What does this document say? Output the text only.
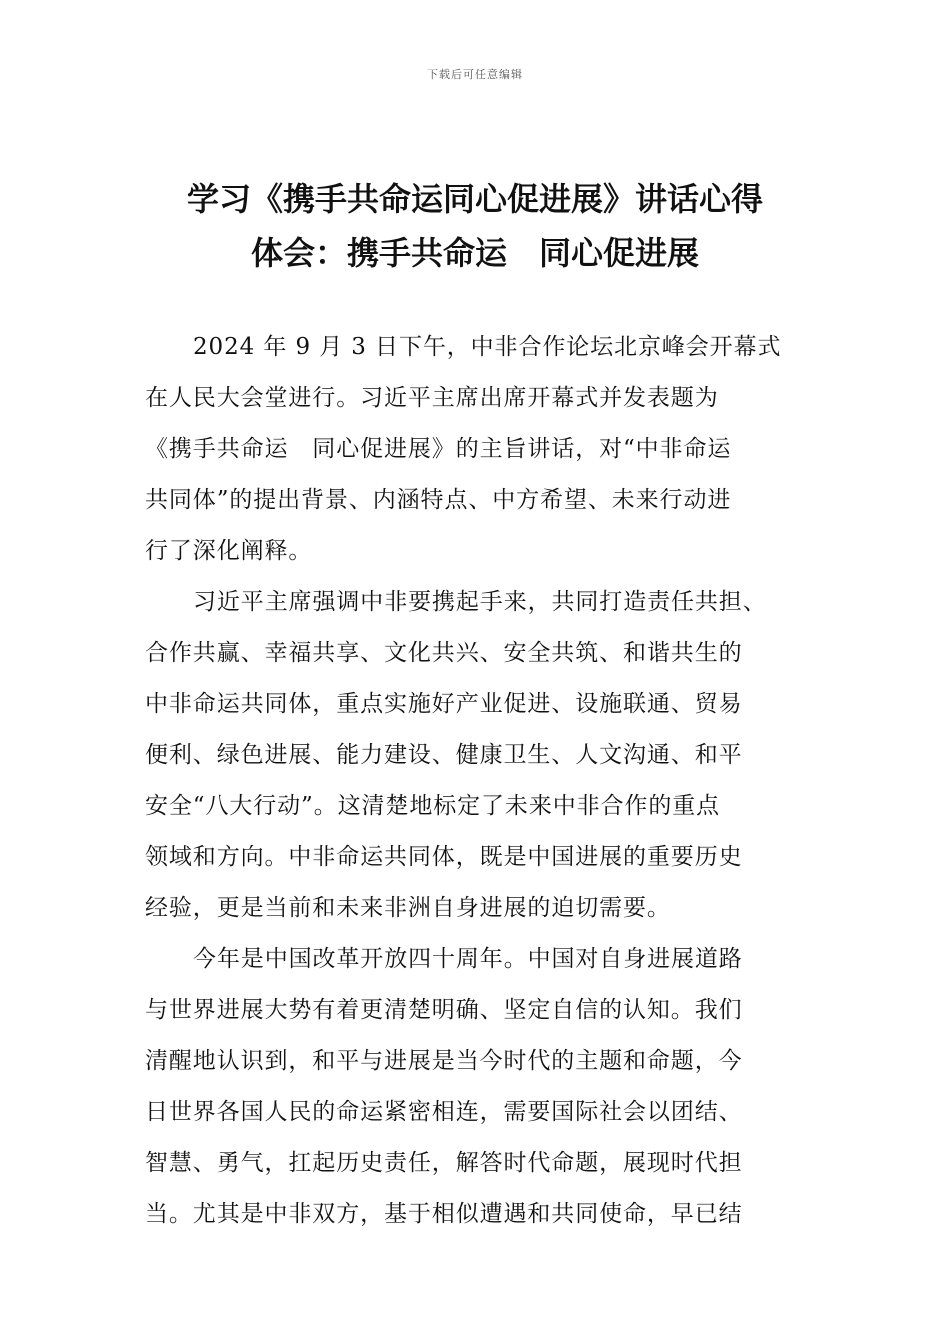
下载后可任意编辑
学习《携手共命运同心促进展》讲话心得
体会：携手共命运　同心促进展
2024 年 9 月 3 日下午，中非合作论坛北京峰会开幕式
在人民大会堂进行。习近平主席出席开幕式并发表题为
《携手共命运　同心促进展》的主旨讲话，对“中非命运
共同体”的提出背景、内涵特点、中方希望、未来行动进
行了深化阐释。
习近平主席强调中非要携起手来，共同打造责任共担、
合作共赢、幸福共享、文化共兴、安全共筑、和谐共生的
中非命运共同体，重点实施好产业促进、设施联通、贸易
便利、绿色进展、能力建设、健康卫生、人文沟通、和平
安全“八大行动”。这清楚地标定了未来中非合作的重点
领域和方向。中非命运共同体，既是中国进展的重要历史
经验，更是当前和未来非洲自身进展的迫切需要。
今年是中国改革开放四十周年。中国对自身进展道路
与世界进展大势有着更清楚明确、坚定自信的认知。我们
清醒地认识到，和平与进展是当今时代的主题和命题，今
日世界各国人民的命运紧密相连，需要国际社会以团结、
智慧、勇气，扛起历史责任，解答时代命题，展现时代担
当。尤其是中非双方，基于相似遭遇和共同使命，早已结
